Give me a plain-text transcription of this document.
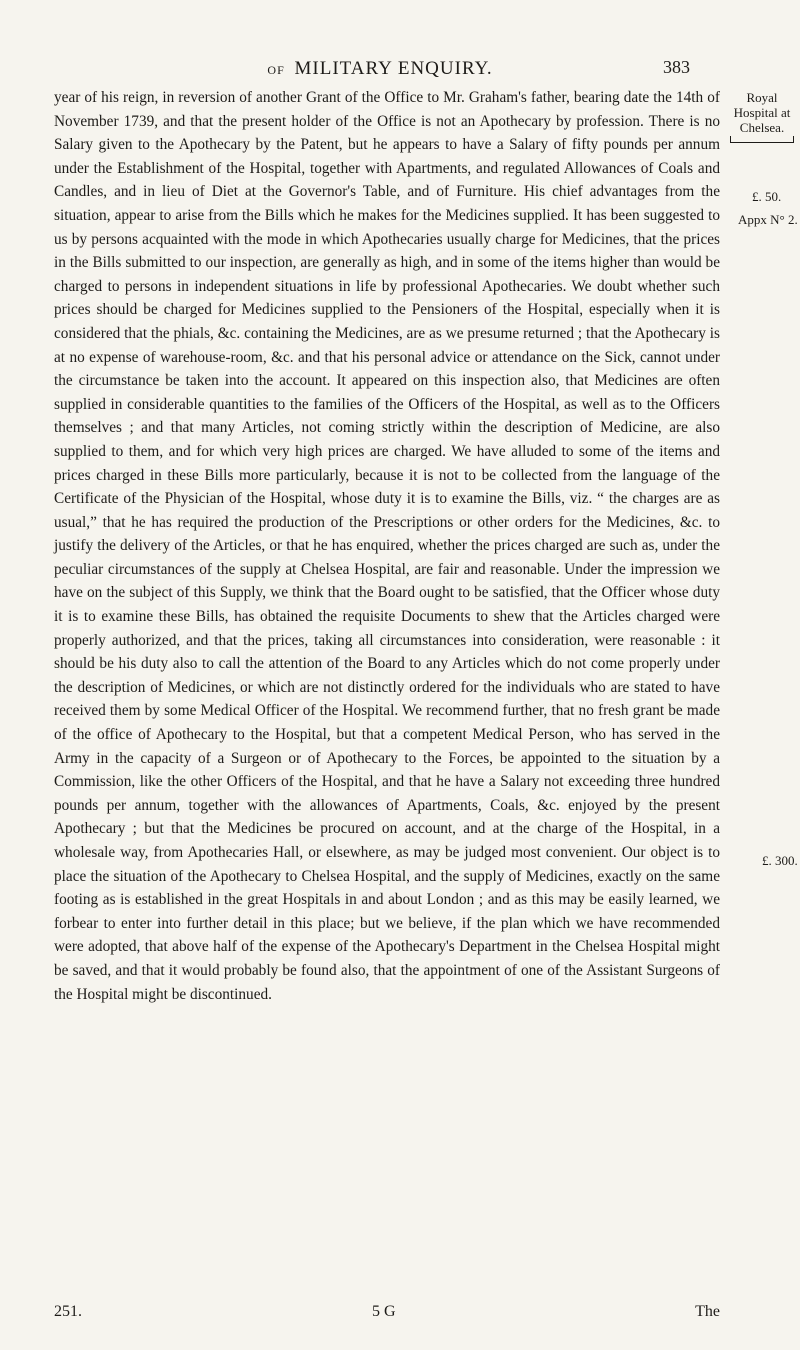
OF MILITARY ENQUIRY.	383
Royal Hospital at
Chelsea.
£. 50.
Appx N° 2.
£. 300.

year of his reign, in reversion of another Grant of the Office to Mr. Graham's father, bearing date the 14th of November 1739, and that the present holder of the Office is not an Apothecary by profession. There is no Salary given to the Apothecary by the Patent, but he appears to have a Salary of fifty pounds per annum under the Establishment of the Hospital, together with Apartments, and regulated Allowances of Coals and Candles, and in lieu of Diet at the Governor's Table, and of Furniture. His chief advantages from the situation, appear to arise from the Bills which he makes for the Medicines supplied. It has been suggested to us by persons acquainted with the mode in which Apothecaries usually charge for Medicines, that the prices in the Bills submitted to our inspection, are generally as high, and in some of the items higher than would be charged to persons in independent situations in life by professional Apothecaries. We doubt whether such prices should be charged for Medicines supplied to the Pensioners of the Hospital, especially when it is considered that the phials, &c. containing the Medicines, are as we presume returned ; that the Apothecary is at no expense of warehouse-room, &c. and that his personal advice or attendance on the Sick, cannot under the circumstance be taken into the account. It appeared on this inspection also, that Medicines are often supplied in considerable quantities to the families of the Officers of the Hospital, as well as to the Officers themselves ; and that many Articles, not coming strictly within the description of Medicine, are also supplied to them, and for which very high prices are charged. We have alluded to some of the items and prices charged in these Bills more particularly, because it is not to be collected from the language of the Certificate of the Physician of the Hospital, whose duty it is to examine the Bills, viz. “ the charges are as usual,” that he has required the production of the Prescriptions or other orders for the Medicines, &c. to justify the delivery of the Articles, or that he has enquired, whether the prices charged are such as, under the peculiar circumstances of the supply at Chelsea Hospital, are fair and reasonable. Under the impression we have on the subject of this Supply, we think that the Board ought to be satisfied, that the Officer whose duty it is to examine these Bills, has obtained the requisite Documents to shew that the Articles charged were properly authorized, and that the prices, taking all circumstances into consideration, were reasonable : it should be his duty also to call the attention of the Board to any Articles which do not come properly under the description of Medicines, or which are not distinctly ordered for the individuals who are stated to have received them by some Medical Officer of the Hospital. We recommend further, that no fresh grant be made of the office of Apothecary to the Hospital, but that a competent Medical Person, who has served in the Army in the capacity of a Surgeon or of Apothecary to the Forces, be appointed to the situation by a Commission, like the other Officers of the Hospital, and that he have a Salary not exceeding three hundred pounds per annum, together with the allowances of Apartments, Coals, &c. enjoyed by the present Apothecary ; but that the Medicines be procured on account, and at the charge of the Hospital, in a wholesale way, from Apothecaries Hall, or elsewhere, as may be judged most convenient. Our object is to place the situation of the Apothecary to Chelsea Hospital, and the supply of Medicines, exactly on the same footing as is established in the great Hospitals in and about London ; and as this may be easily learned, we forbear to enter into further detail in this place; but we believe, if the plan which we have recommended were adopted, that above half of the expense of the Apothecary's Department in the Chelsea Hospital might be saved, and that it would probably be found also, that the appointment of one of the Assistant Surgeons of the Hospital might be discontinued.

251.	5 G	The
